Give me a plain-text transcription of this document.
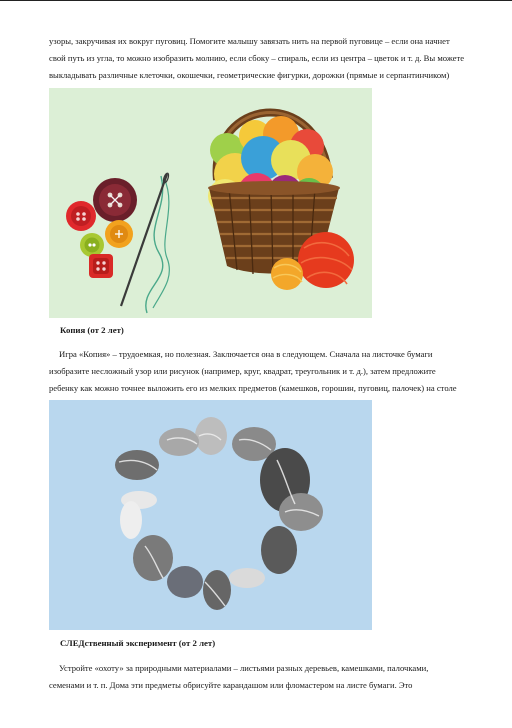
узоры, закручивая их вокруг пуговиц. Помогите малышу завязать нить на первой пуговице – если она начнет свой путь из угла, то можно изобразить молнию, если сбоку – спираль, если из центра – цветок и т. д. Вы можете выкладывать различные клеточки, окошечки, геометрические фигурки, дорожки (прямые и серпантинчиком)

Копия (от 2 лет)

Игра «Копия» – трудоемкая, но полезная. Заключается она в следующем. Сначала на листочке бумаги изобразите несложный узор или рисунок (например, круг, квадрат, треугольник и т. д.), затем предложите ребенку как можно точнее выложить его из мелких предметов (камешков, горошин, пуговиц, палочек) на столе

СЛЕДственный эксперимент (от 2 лет)

Устройте «охоту» за природными материалами – листьями разных деревьев, камешками, палочками, семенами и т. п. Дома эти предметы обрисуйте карандашом или фломастером на листе бумаги. Это
